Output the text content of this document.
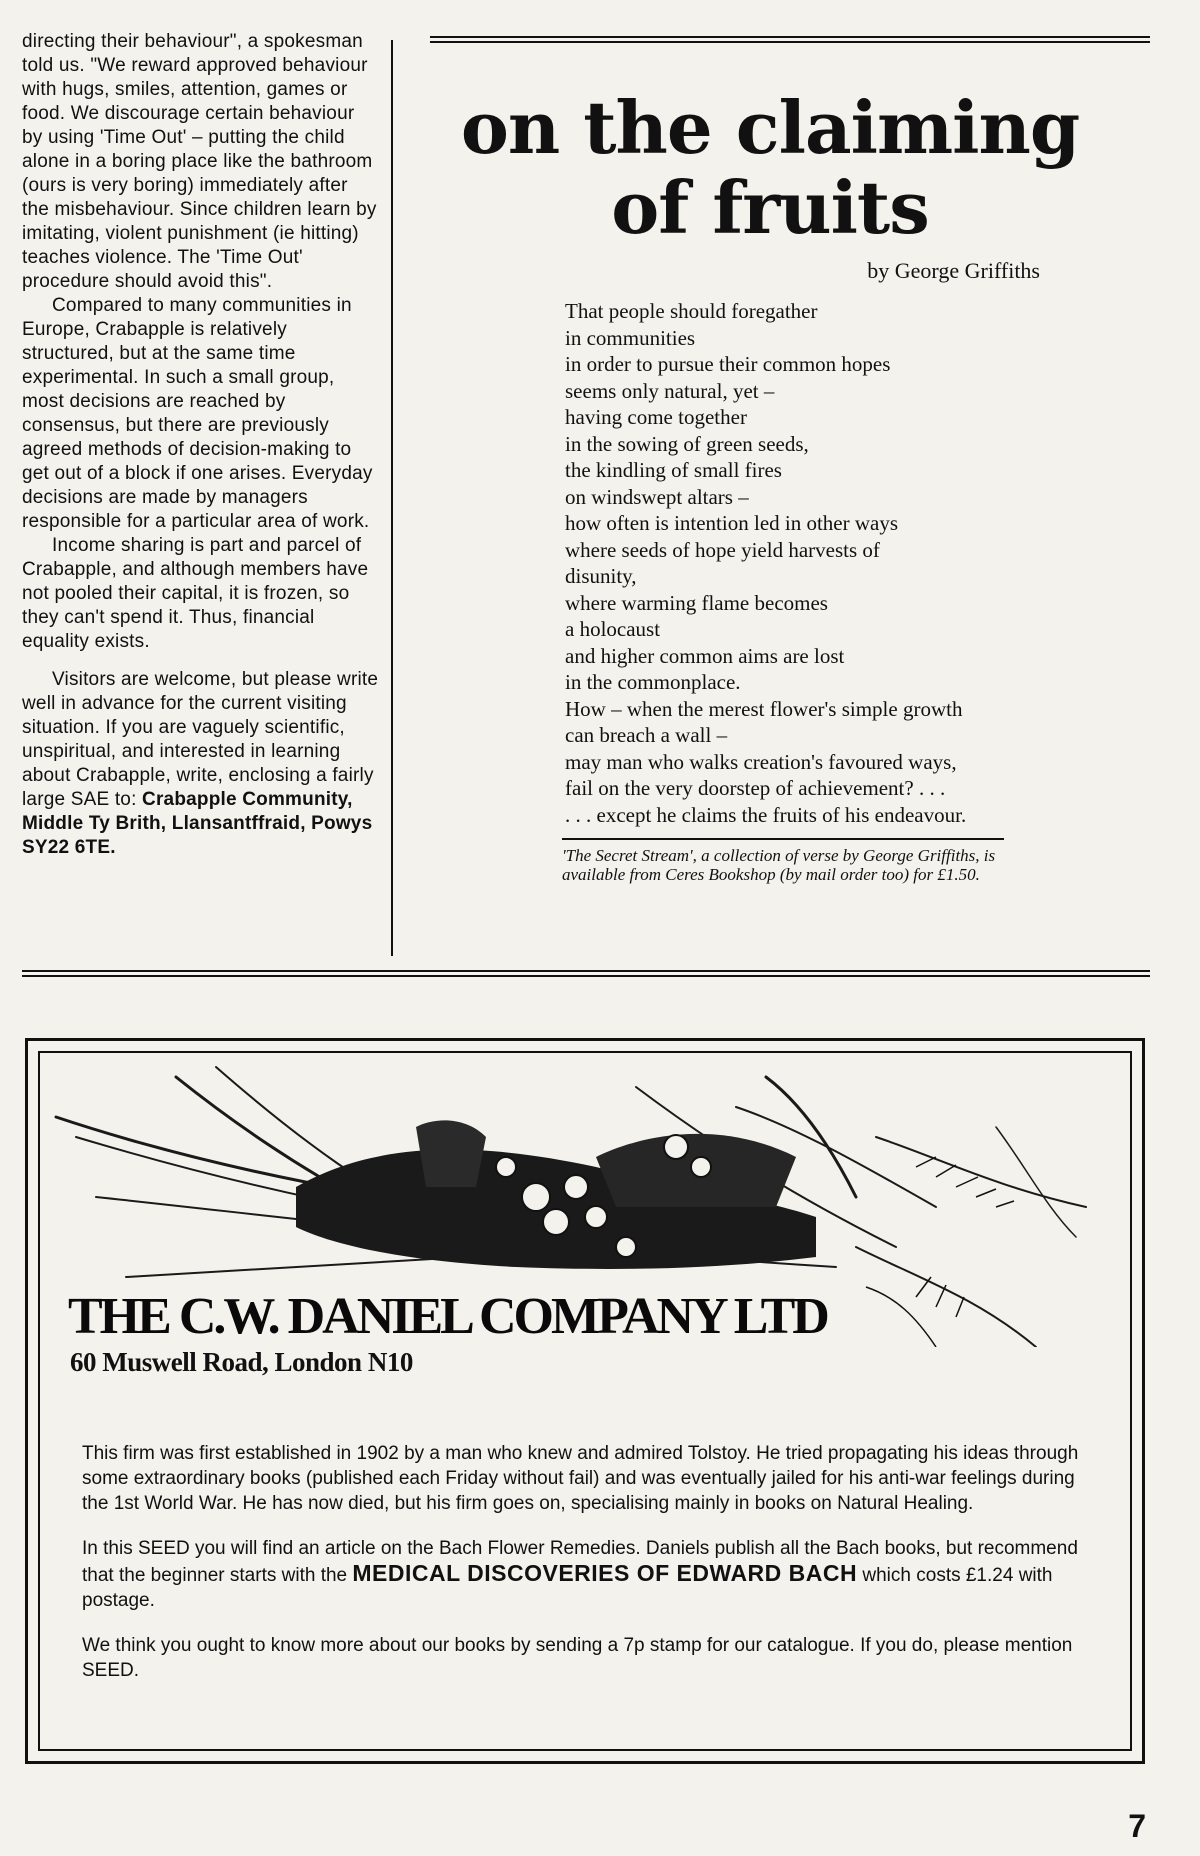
directing their behaviour", a spokesman told us. "We reward approved behaviour with hugs, smiles, attention, games or food. We discourage certain behaviour by using 'Time Out' – putting the child alone in a boring place like the bathroom (ours is very boring) immediately after the misbehaviour. Since children learn by imitating, violent punishment (ie hitting) teaches violence. The 'Time Out' procedure should avoid this".

Compared to many communities in Europe, Crabapple is relatively structured, but at the same time experimental. In such a small group, most decisions are reached by consensus, but there are previously agreed methods of decision-making to get out of a block if one arises. Everyday decisions are made by managers responsible for a particular area of work.

Income sharing is part and parcel of Crabapple, and although members have not pooled their capital, it is frozen, so they can't spend it. Thus, financial equality exists.

Visitors are welcome, but please write well in advance for the current visiting situation. If you are vaguely scientific, unspiritual, and interested in learning about Crabapple, write, enclosing a fairly large SAE to: Crabapple Community, Middle Ty Brith, Llansantffraid, Powys SY22 6TE.

on the claiming
of fruits
by George Griffiths
That people should foregather
in communities
in order to pursue their common hopes
seems only natural, yet –
having come together
in the sowing of green seeds,
the kindling of small fires
on windswept altars –
how often is intention led in other ways
where seeds of hope yield harvests of
disunity,
where warming flame becomes
a holocaust
and higher common aims are lost
in the commonplace.
How – when the merest flower's simple growth
can breach a wall –
may man who walks creation's favoured ways,
fail on the very doorstep of achievement? . . .
. . . except he claims the fruits of his endeavour.
'The Secret Stream', a collection of verse by George Griffiths, is available from Ceres Bookshop (by mail order too) for £1.50.
THE C.W. DANIEL COMPANY LTD
60 Muswell Road, London N10

This firm was first established in 1902 by a man who knew and admired Tolstoy. He tried propagating his ideas through some extraordinary books (published each Friday without fail) and was eventually jailed for his anti-war feelings during the 1st World War. He has now died, but his firm goes on, specialising mainly in books on Natural Healing.

In this SEED you will find an article on the Bach Flower Remedies. Daniels publish all the Bach books, but recommend that the beginner starts with the MEDICAL DISCOVERIES OF EDWARD BACH which costs £1.24 with postage.

We think you ought to know more about our books by sending a 7p stamp for our catalogue. If you do, please mention SEED.

7
